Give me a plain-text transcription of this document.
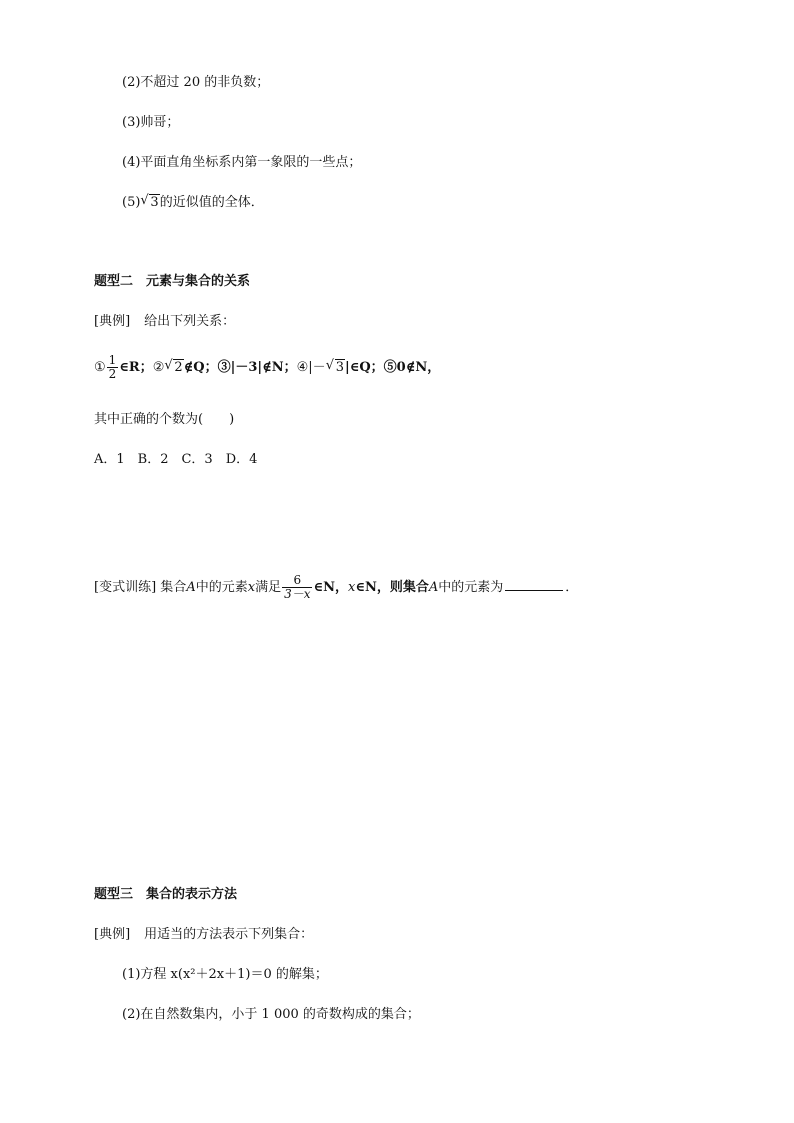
(2)不超过 20 的非负数；
(3)帅哥；
(4)平面直角坐标系内第一象限的一些点；
(5) √ 3的近似值的全体．
题型二　元素与集合的关系
[典例] 给出下列关系：
① $\frac{1}{2}$ ∈R；② √ 2∉Q；③|－3|∉N；④|－ √ 3|∈Q；⑤0∉N，
其中正确的个数为(　　)
A．1　B．2　C．3　D．4
[变式训练] 集合A中的元素x满足 $\frac{6}{3-x}$ ∈N，x∈N，则集合A中的元素为	．
题型三　集合的表示方法
[典例] 用适当的方法表示下列集合：
(1)方程 x(x²＋2x＋1)＝0 的解集；
(2)在自然数集内，小于 1 000 的奇数构成的集合；
